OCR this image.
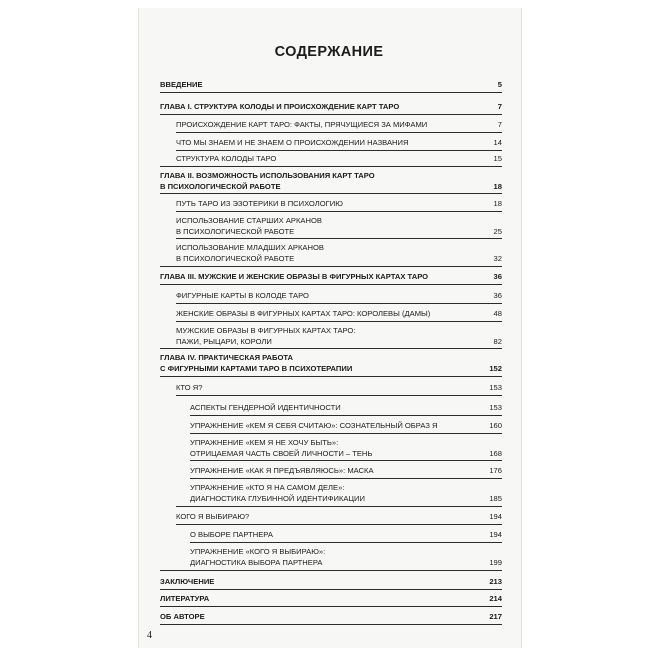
СОДЕРЖАНИЕ
ВВЕДЕНИЕ	5
ГЛАВА I. СТРУКТУРА КОЛОДЫ И ПРОИСХОЖДЕНИЕ КАРТ ТАРО	7
ПРОИСХОЖДЕНИЕ КАРТ ТАРО: ФАКТЫ, ПРЯЧУЩИЕСЯ ЗА МИФАМИ	7
ЧТО МЫ ЗНАЕМ И НЕ ЗНАЕМ О ПРОИСХОЖДЕНИИ НАЗВАНИЯ	14
СТРУКТУРА КОЛОДЫ ТАРО	15
ГЛАВА II. ВОЗМОЖНОСТЬ ИСПОЛЬЗОВАНИЯ КАРТ ТАРО
В ПСИХОЛОГИЧЕСКОЙ РАБОТЕ	18
ПУТЬ ТАРО ИЗ ЭЗОТЕРИКИ В ПСИХОЛОГИЮ	18
ИСПОЛЬЗОВАНИЕ СТАРШИХ АРКАНОВ
В ПСИХОЛОГИЧЕСКОЙ РАБОТЕ	25
ИСПОЛЬЗОВАНИЕ МЛАДШИХ АРКАНОВ
В ПСИХОЛОГИЧЕСКОЙ РАБОТЕ	32
ГЛАВА III. МУЖСКИЕ И ЖЕНСКИЕ ОБРАЗЫ В ФИГУРНЫХ КАРТАХ ТАРО	36
ФИГУРНЫЕ КАРТЫ В КОЛОДЕ ТАРО	36
ЖЕНСКИЕ ОБРАЗЫ В ФИГУРНЫХ КАРТАХ ТАРО: КОРОЛЕВЫ (ДАМЫ)	48
МУЖСКИЕ ОБРАЗЫ В ФИГУРНЫХ КАРТАХ ТАРО:
ПАЖИ, РЫЦАРИ, КОРОЛИ	82
ГЛАВА IV. ПРАКТИЧЕСКАЯ РАБОТА
С ФИГУРНЫМИ КАРТАМИ ТАРО В ПСИХОТЕРАПИИ	152
КТО Я?	153
АСПЕКТЫ ГЕНДЕРНОЙ ИДЕНТИЧНОСТИ	153
УПРАЖНЕНИЕ «КЕМ Я СЕБЯ СЧИТАЮ»: СОЗНАТЕЛЬНЫЙ ОБРАЗ Я	160
УПРАЖНЕНИЕ «КЕМ Я НЕ ХОЧУ БЫТЬ»:
ОТРИЦАЕМАЯ ЧАСТЬ СВОЕЙ ЛИЧНОСТИ – ТЕНЬ	168
УПРАЖНЕНИЕ «КАК Я ПРЕДЪЯВЛЯЮСЬ»: МАСКА	176
УПРАЖНЕНИЕ «КТО Я НА САМОМ ДЕЛЕ»:
ДИАГНОСТИКА ГЛУБИННОЙ ИДЕНТИФИКАЦИИ	185
КОГО Я ВЫБИРАЮ?	194
О ВЫБОРЕ ПАРТНЕРА	194
УПРАЖНЕНИЕ «КОГО Я ВЫБИРАЮ»:
ДИАГНОСТИКА ВЫБОРА ПАРТНЕРА	199
ЗАКЛЮЧЕНИЕ	213
ЛИТЕРАТУРА	214
ОБ АВТОРЕ	217
4
